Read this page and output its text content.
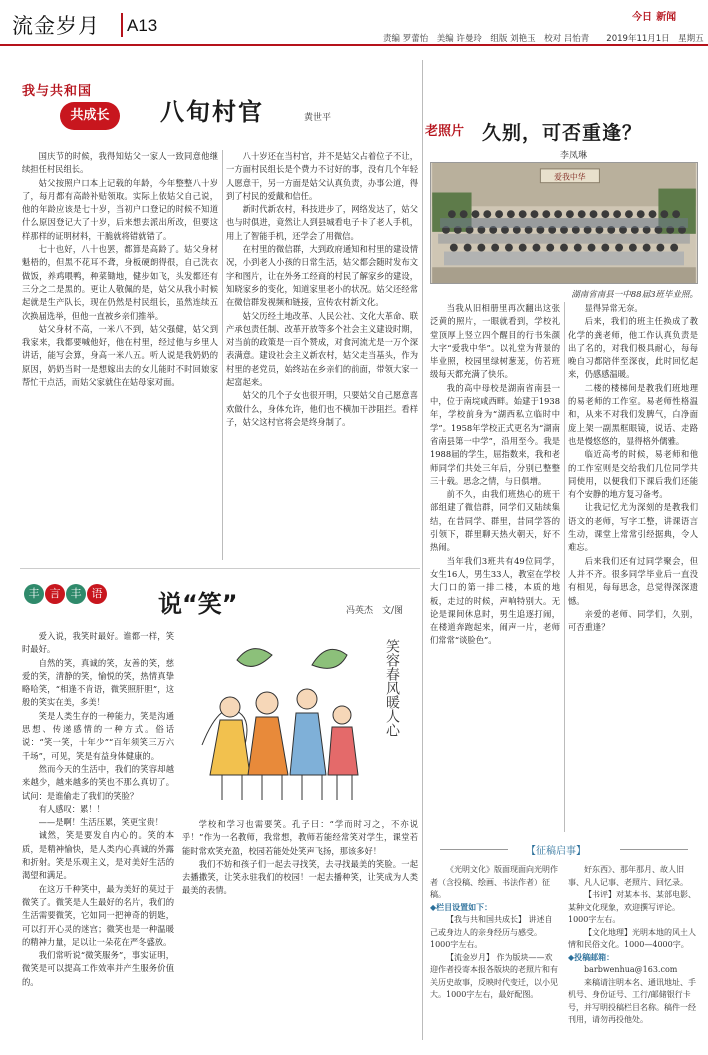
流金岁月 A13
责编 罗蕾怡　美编 许曼玲　组版 刘艳玉　校对 吕怡青　　2019年11月1日　星期五
今日 新闻
我与共和国
共成长	八旬村官	黄世平

国庆节的时候，我得知姑父一家人一致同意他继续担任村民组长。

姑父按照户口本上记载的年龄，今年整整八十岁了，每月都有高龄补贴领取。实际上依姑父自己说，他的年龄应该是七十岁，当初户口登记的时候不知道什么原因登记大了十岁，后来想去派出所改，但要这样那样的证明材料，干脆就将错就错了。

七十也好，八十也罢，都算是高龄了。姑父身材魁梧的，但黑不花耳不聋，身板硬朗得很，自己洗衣做饭，养鸡喂鸭，种菜锄地，健步如飞，头发都还有三分之二是黑的。更让人敬佩的是，姑父从我小时候起就是生产队长，现在仍然是村民组长，虽然连续五次换届选举，但他一直被乡亲们推举。

姑父身材不高，一米八不到，姑父强健，姑父到我家来，我都要喊他好，他在村里，经过他与乡里人讲话，能写会算，身高一米八五。听人说是我奶奶的原因，奶奶当时一是想嫁出去的女儿能时不时回娘家帮忙干点活，而姑父家就住在姑母家对面。

八十岁还在当村官，并不是姑父占着位子不让，一方面村民组长是个费力不讨好的事，没有几个年轻人愿意干，另一方面是姑父认真负责，办事公道，得到了村民的爱戴和信任。

新时代新农村，科技进步了，网络发达了，姑父也与时俱进，竟然让人到县城看电子卡了老人手机，用上了智能手机，还学会了用微信。

在村里的微信群，大到政府通知和村里的建设情况，小到老人小孩的日常生活，姑父都会随时发布文字和图片，让在外务工经商的村民了解家乡的建设，知晓家乡的变化，知道家里老小的状况。姑父还经常在微信群发视频和链接，宣传农村新文化。

姑父历经土地改革、人民公社、文化大革命、联产承包责任制、改革开放等多个社会主义建设时期，对当前的政策是一百个赞成，对食河流尤是一万个深表满意。建设社会主义新农村，姑父走当基头，作为村里的老党员，始终站在乡亲们的前面，带领大家一起富起来。

姑父的几个子女也很开明，只要姑父自己愿意喜欢做什么，身体允许，他们也不横加干涉阻拦。看样子，姑父这村官将会是终身制了。

丰 言 丰 语 说“笑”	冯英杰　文/图

爱入说，我笑时最好。谁都一样，笑时最好。

自然的笑，真诚的笑，友善的笑，慈爱的笑，清静的笑，愉悦的笑，热情真挚略哈笑，“相逢不肯语，微笑照肝胆”，这般的笑实在美，多美！

笑是人类生存的一种能力，笑是沟通思想、传递感情的一种方式。俗话说：“笑一笑，十年少”“百年须笑三万六千场”，可见，笑是有益身体健康的。

然而今天的生活中，我们的笑容却越来越少，越来越多的笑也不那么真切了。试问：是谁偷走了我们的笑脸？

有人感叹：累！！

——是啊！生活压累，笑更宝贵！

诚然，笑是要发自内心的。笑的本质，是精神愉快，是人类内心真诚的外露和折射。笑是乐观主义，是对美好生活的渴望和满足。

在这万千种笑中，最为美好的莫过于微笑了。微笑是人生最好的名片，我们的生活需要微笑，它如同一把神奇的钥匙，可以打开心灵的迷宫；微笑也是一种温暖的精神力量，足以让一朵花在严冬盛放。

我们常听说“微笑服务”，事实证明，微笑是可以提高工作效率并产生服务价值的。

笑容春风暖人心

学校和学习也需要笑。孔子曰：“学而时习之，不亦说乎！”作为一名教师，我常想，教师若能经常笑对学生，课堂若能时常欢笑充盈，校园若能处处笑声飞扬，那该多好！

我们不妨和孩子们一起去寻找笑，去寻找最美的笑脸。一起去播撒笑，让笑永驻我们的校园！一起去播种笑，让笑成为人类最美的表情。

老照片 久别，可否重逢？
李凤琳
爱我中华
湖南省南县一中88届3班毕业照。

当我从旧相册里再次翻出这张泛黄的照片，一眼就看到，学校礼堂顶厚上竖立四个醒目的行书朱颜大字“爱我中华”。以礼堂为背景的毕业照，校园里绿树葱茏，仿若班级每天都充满了快乐。

我的高中母校是湖南省南县一中，位于南垸咸西畔。始建于1938年，学校前身为“湖西私立临时中学”。1958年学校正式更名为“湖南省南县第一中学”，沿用至今。我是1988届的学生，屈指数来，我和老师同学们共处三年后，分别已整整三十载。思念之情，与日俱增。

前不久，由我们班热心的班干部组建了微信群，同学们又陆续集结，在昔同学、群里，昔同学答的引领下，群里聊天热火朝天，好不热闹。

当年我们3班共有49位同学，女生16人，男生33人，教室在学校大门口的第一排二楼，本质的地板，走过的时候，声响特别大。无论是课间休息时，男生追逐打闹，在楼道奔跑起来，闹声一片，老师们常常“谈脸色”。

显得异常无奈。

后来，我们的班主任换成了教化学的龚老师，他工作认真负责是出了名的，对我们极具耐心，每每晚自习都陪伴至深夜，此时回忆起来，仍感感温暖。

二楼的楼梯间是教我们班地理的易老师的工作室。易老师性格温和，从来不对我们发脾气，白净面庞上架一副黑框眼镜，说话、走路也是慢悠悠的，显得格外儒雅。

临近高考的时候，易老师和他的工作室则是交给我们几位同学共同使用，以便我们下课后我们还能有个安静的地方复习备考。

让我记忆尤为深刻的是教我们语文的老师，写字工整，讲课语言生动，课堂上常常引经据典，令人难忘。

后来我们还有过同学聚会，但人并不齐。很多同学毕业后一直没有相见，每每思念，总觉得深深遗憾。

亲爱的老师、同学们，久别，可否重逢？

【征稿启事】

《光明文化》版面现面向光明作者（含投稿、绘画、书法作者）征稿。

◆栏目设置如下：

【我与共和国共成长】 讲述自己或身边人的亲身经历与感受。1000字左右。

【流金岁月】 作为版块——欢迎作者投寄本报各版块的老照片和有关历史故事，反映时代变迁，以小见大。1000字左右，最好配图。

好东西》、那年那月、故人旧事、凡人记事、老照片、回忆录。

【书评】对某本书、某部电影、某种文化现象，欢迎撰写评论。1000字左右。

【文化地理】光明本地的风土人情和民俗文化。1000—4000字。

◆投稿邮箱：

barbwenhua@163.com

来稿请注明本名、通讯地址、手机号、身份证号、工行/邮储银行卡号，并写明投稿栏目名称。稿件一经刊用，请勿再投他处。
